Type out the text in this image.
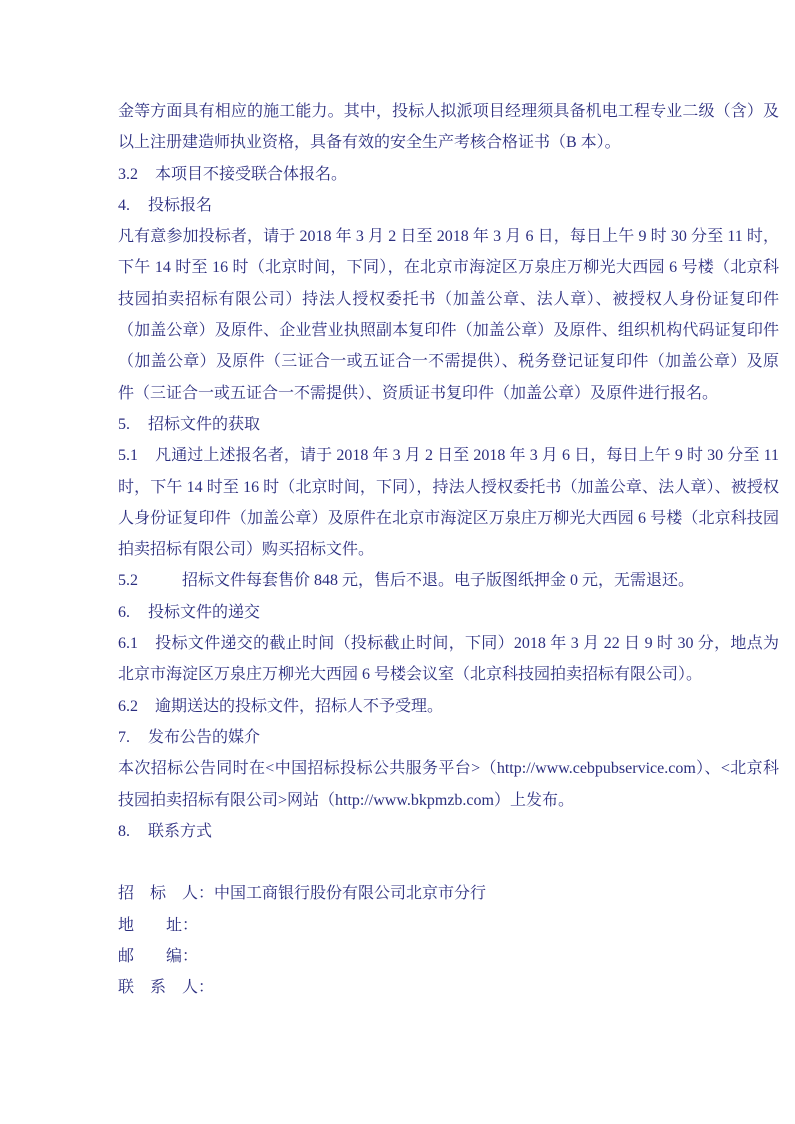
金等方面具有相应的施工能力。其中，投标人拟派项目经理须具备机电工程专业二级（含）及以上注册建造师执业资格，具备有效的安全生产考核合格证书（B 本）。

3.2 本项目不接受联合体报名。

4. 投标报名

凡有意参加投标者，请于 2018 年 3 月 2 日至 2018 年 3 月 6 日，每日上午 9 时 30 分至 11 时，下午 14 时至 16 时（北京时间，下同），在北京市海淀区万泉庄万柳光大西园 6 号楼（北京科技园拍卖招标有限公司）持法人授权委托书（加盖公章、法人章）、被授权人身份证复印件（加盖公章）及原件、企业营业执照副本复印件（加盖公章）及原件、组织机构代码证复印件（加盖公章）及原件（三证合一或五证合一不需提供）、税务登记证复印件（加盖公章）及原件（三证合一或五证合一不需提供）、资质证书复印件（加盖公章）及原件进行报名。

5. 招标文件的获取

5.1 凡通过上述报名者，请于 2018 年 3 月 2 日至 2018 年 3 月 6 日，每日上午 9 时 30 分至 11 时，下午 14 时至 16 时（北京时间，下同），持法人授权委托书（加盖公章、法人章）、被授权人身份证复印件（加盖公章）及原件在北京市海淀区万泉庄万柳光大西园 6 号楼（北京科技园拍卖招标有限公司）购买招标文件。

5.2	招标文件每套售价 848 元，售后不退。电子版图纸押金 0 元，无需退还。

6. 投标文件的递交

6.1 投标文件递交的截止时间（投标截止时间，下同）2018 年 3 月 22 日 9 时 30 分，地点为北京市海淀区万泉庄万柳光大西园 6 号楼会议室（北京科技园拍卖招标有限公司）。

6.2 逾期送达的投标文件，招标人不予受理。

7. 发布公告的媒介

本次招标公告同时在<中国招标投标公共服务平台>（http://www.cebpubservice.com）、<北京科技园拍卖招标有限公司>网站（http://www.bkpmzb.com）上发布。

8. 联系方式

招　标　人：中国工商银行股份有限公司北京市分行

地　　址：

邮　　编：

联　系　人：
